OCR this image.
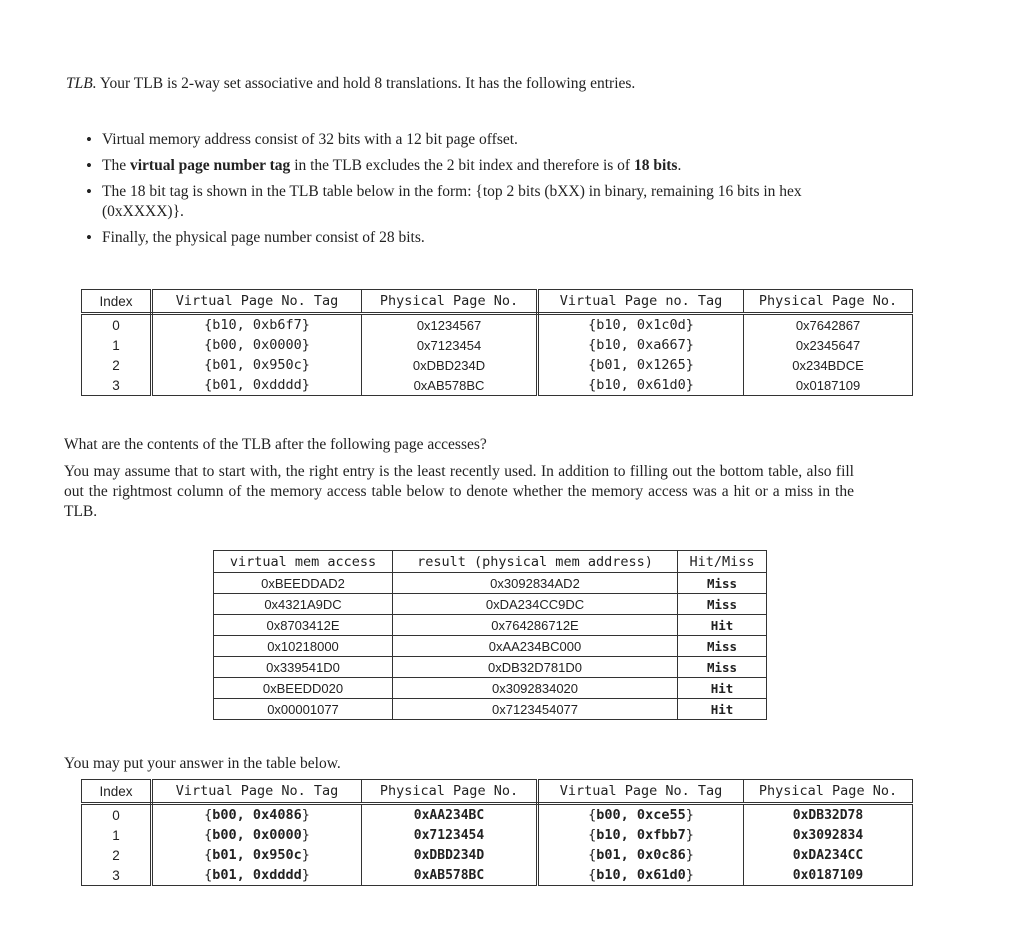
TLB. Your TLB is 2-way set associative and hold 8 translations. It has the following entries.
• Virtual memory address consist of 32 bits with a 12 bit page offset.
• The virtual page number tag in the TLB excludes the 2 bit index and therefore is of 18 bits.
• The 18 bit tag is shown in the TLB table below in the form: {top 2 bits (bXX) in binary, remaining 16 bits in hex (0xXXXX)}.
• Finally, the physical page number consist of 28 bits.
Index	Virtual Page No. Tag	Physical Page No.	Virtual Page no. Tag	Physical Page No.
0	{b10, 0xb6f7}	0x1234567	{b10, 0x1c0d}	0x7642867
1	{b00, 0x0000}	0x7123454	{b10, 0xa667}	0x2345647
2	{b01, 0x950c}	0xDBD234D	{b01, 0x1265}	0x234BDCE
3	{b01, 0xdddd}	0xAB578BC	{b10, 0x61d0}	0x0187109
What are the contents of the TLB after the following page accesses?
You may assume that to start with, the right entry is the least recently used. In addition to filling out the bottom table, also fill out the rightmost column of the memory access table below to denote whether the memory access was a hit or a miss in the TLB.
virtual mem access	result (physical mem address)	Hit/Miss
0xBEEDDAD2	0x3092834AD2	Miss
0x4321A9DC	0xDA234CC9DC	Miss
0x8703412E	0x764286712E	Hit
0x10218000	0xAA234BC000	Miss
0x339541D0	0xDB32D781D0	Miss
0xBEEDD020	0x3092834020	Hit
0x00001077	0x7123454077	Hit
You may put your answer in the table below.
Index	Virtual Page No. Tag	Physical Page No.	Virtual Page No. Tag	Physical Page No.
0	{b00, 0x4086}	0xAA234BC	{b00, 0xce55}	0xDB32D78
1	{b00, 0x0000}	0x7123454	{b10, 0xfbb7}	0x3092834
2	{b01, 0x950c}	0xDBD234D	{b01, 0x0c86}	0xDA234CC
3	{b01, 0xdddd}	0xAB578BC	{b10, 0x61d0}	0x0187109
